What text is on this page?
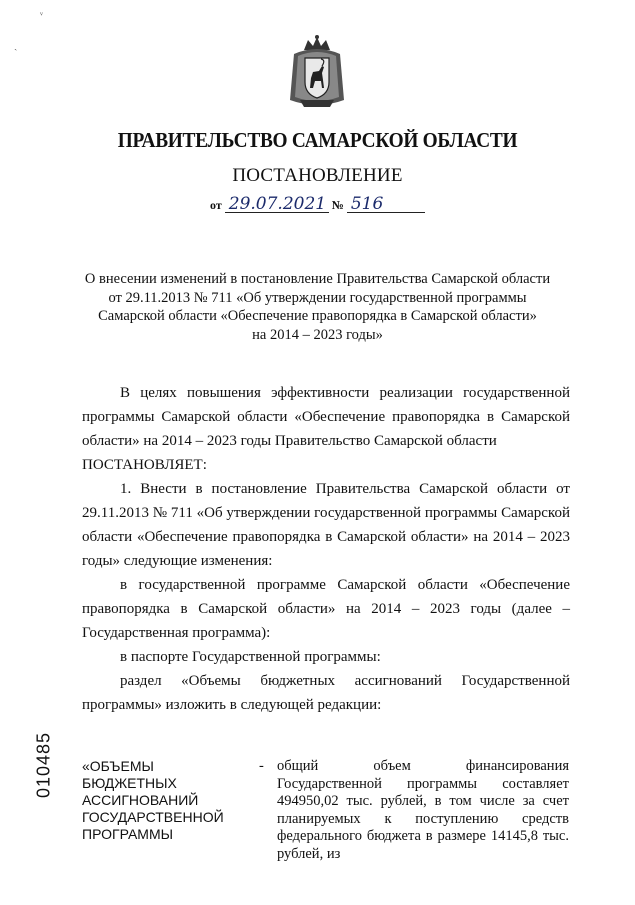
ᵛ
ˎ
ПРАВИТЕЛЬСТВО САМАРСКОЙ ОБЛАСТИ
ПОСТАНОВЛЕНИЕ
от 29.07.2021 № 516
О внесении изменений в постановление Правительства Самарской области
от 29.11.2013 № 711 «Об утверждении государственной программы
Самарской области «Обеспечение правопорядка в Самарской области»
на 2014 – 2023 годы»

В целях повышения эффективности реализации государственной программы Самарской области «Обеспечение правопорядка в Самарской области» на 2014 – 2023 годы Правительство Самарской области

ПОСТАНОВЛЯЕТ:

1. Внести в постановление Правительства Самарской области от 29.11.2013 № 711 «Об утверждении государственной программы Самарской области «Обеспечение правопорядка в Самарской области» на 2014 – 2023 годы» следующие изменения:

в государственной программе Самарской области «Обеспечение правопорядка в Самарской области» на 2014 – 2023 годы (далее – Государственная программа):

в паспорте Государственной программы:

раздел «Объемы бюджетных ассигнований Государственной программы» изложить в следующей редакции:

«ОБЪЕМЫ
БЮДЖЕТНЫХ
АССИГНОВАНИЙ
ГОСУДАРСТВЕННОЙ
ПРОГРАММЫ
- общий объем финансирования Государственной программы составляет 494950,02 тыс. рублей, в том числе за счет планируемых к поступлению средств федерального бюджета в размере 14145,8 тыс. рублей, из
010485
